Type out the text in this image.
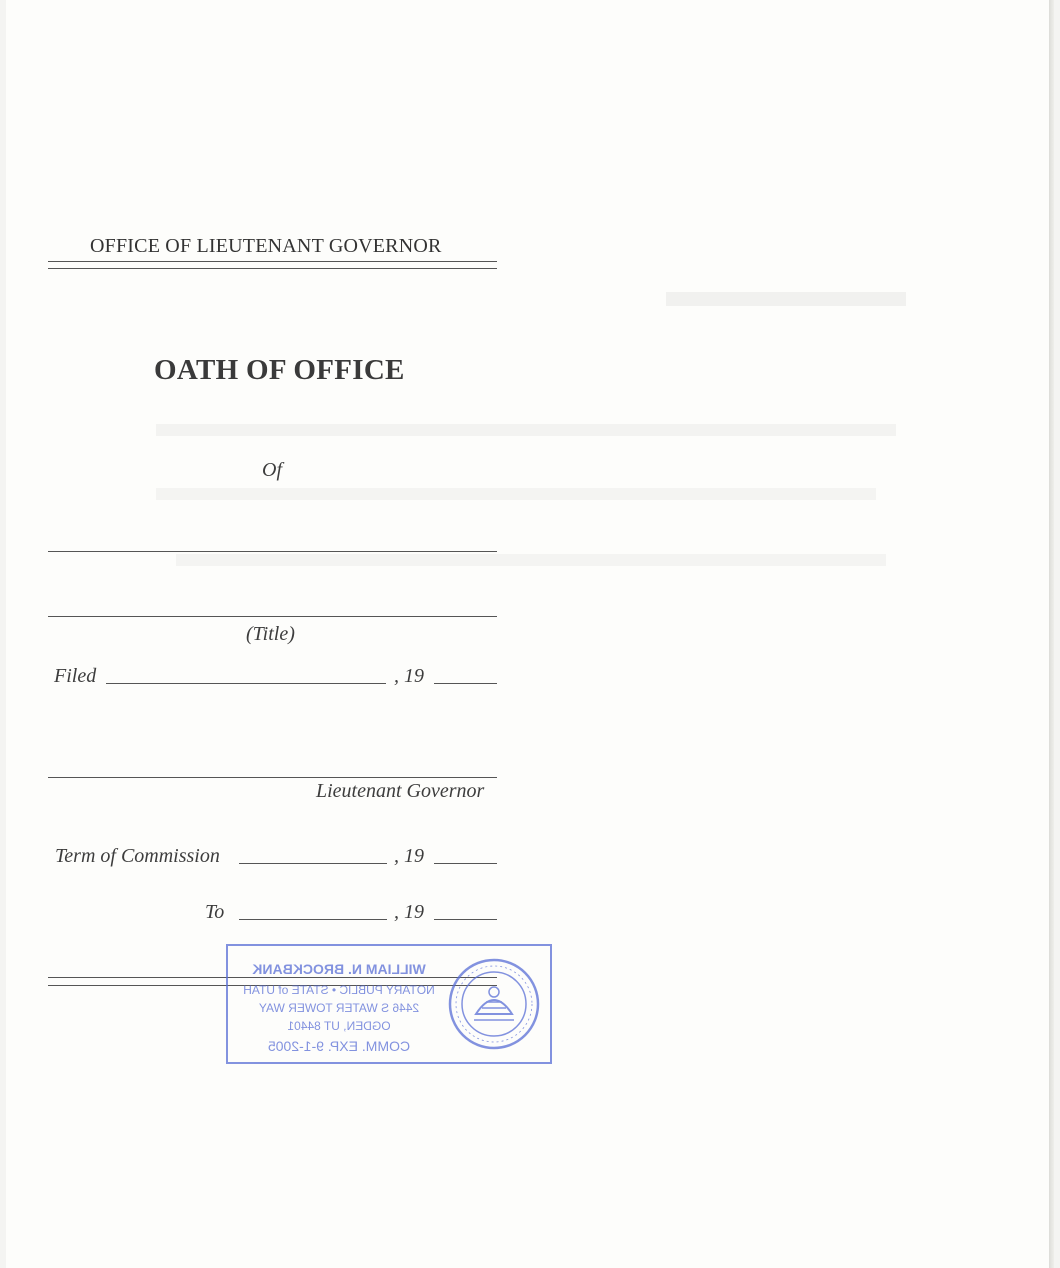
OFFICE OF LIEUTENANT GOVERNOR
OATH OF OFFICE
Of
(Title)
Filed	, 19
Lieutenant Governor
Term of Commission	, 19
To	, 19
WILLIAM N. BROCKBANK
NOTARY PUBLIC • STATE of UTAH
2446 S WATER TOWER WAY
OGDEN, UT 84401
COMM. EXP. 9-1-2005
